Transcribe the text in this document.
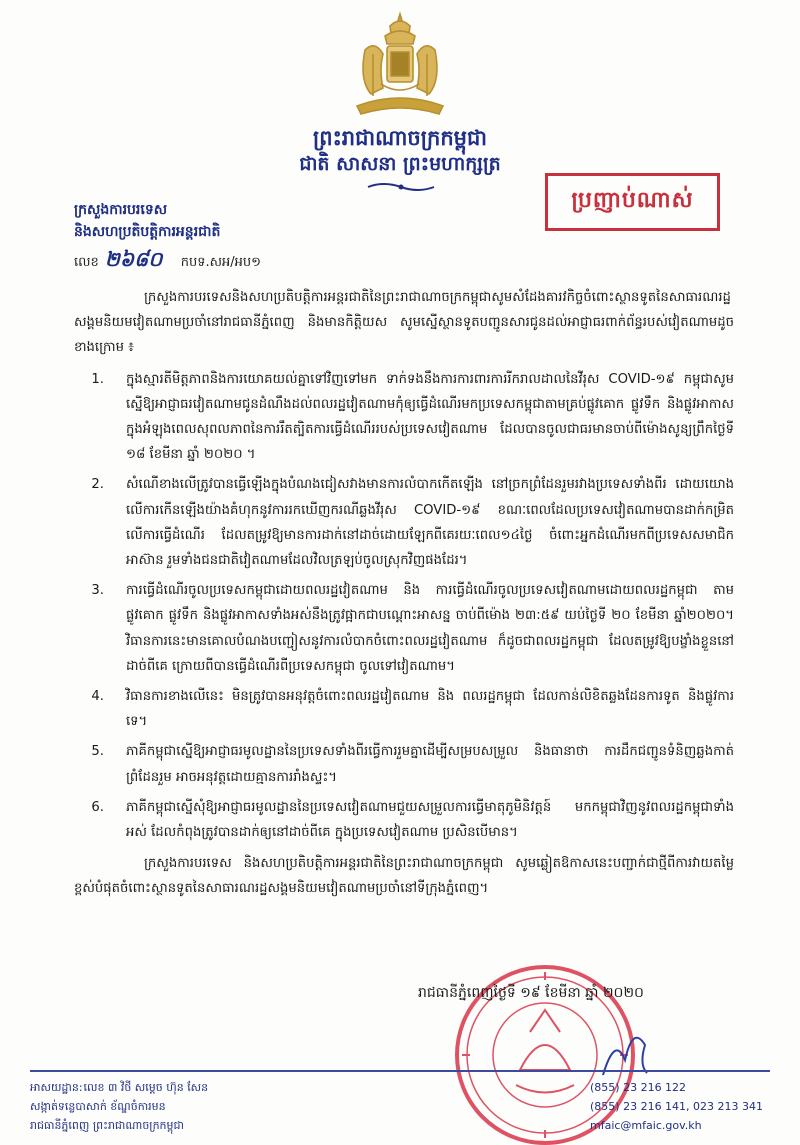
ព្រះរាជាណាចក្រកម្ពុជា
ជាតិ សាសនា ព្រះមហាក្សត្រ
ប្រញាប់ណាស់
ក្រសួងការបរទេស
និងសហប្រតិបត្តិការអន្តរជាតិ
លេខ ២៦៨០	កបទ.សអ/អប១

ក្រសួងការបរទេសនិងសហប្រតិបត្តិការអន្តរជាតិនៃព្រះរាជាណាចក្រកម្ពុជាសូមសំដែងគារវកិច្ចចំពោះស្ថានទូតនៃសាធារណរដ្ឋសង្គមនិយមវៀតណាមប្រចាំនៅរាជធានីភ្នំពេញ និងមានកិត្តិយស សូមស្នើស្ថានទូតបញ្ជូនសារជូនដល់អាជ្ញាធរពាក់ព័ន្ធរបស់វៀតណាមដូចខាងក្រោម ៖

1.	ក្នុងស្មារតីមិត្តភាពនិងការយោគយល់គ្នាទៅវិញទៅមក ទាក់ទងនឹងការការពារការរីករាលដាលនៃវីរុស COVID-១៩ កម្ពុជាសូមស្នើឱ្យអាជ្ញាធរវៀតណាមជូនដំណឹងដល់ពលរដ្ឋវៀតណាមកុំឲ្យធ្វើដំណើរមកប្រទេសកម្ពុជាតាមគ្រប់ផ្លូវគោក ផ្លូវទឹក និងផ្លូវអាកាស ក្នុងអំឡុងពេលសុពលភាពនៃការរឹតត្បិតការធ្វើដំណើររបស់ប្រទេសវៀតណាម ដែលបានចូលជាធរមានចាប់ពីម៉ោងសូន្យព្រឹកថ្ងៃទី ១៨ ខែមីនា ឆ្នាំ ២០២០ ។
2.	សំណើខាងលើត្រូវបានធ្វើឡើងក្នុងបំណងជៀសវាងមានការលំបាកកើតឡើង នៅច្រកព្រំដែនរួមរវាងប្រទេសទាំងពីរ ដោយយោងលើការកើនឡើងយ៉ាងគំហុកនូវការរកឃើញករណីឆ្លងវីរុស COVID-១៩ ខណៈពេលដែលប្រទេសវៀតណាមបានដាក់កម្រិតលើការធ្វើដំណើរ ដែលតម្រូវឱ្យមានការដាក់នៅដាច់ដោយឡែកពីគេរយៈពេល១៤ថ្ងៃ ចំពោះអ្នកដំណើរមកពីប្រទេសសមាជិកអាស៊ាន រួមទាំងជនជាតិវៀតណាមដែលវិលត្រឡប់ចូលស្រុកវិញផងដែរ។
3.	ការធ្វើដំណើរចូលប្រទេសកម្ពុជាដោយពលរដ្ឋវៀតណាម និង ការធ្វើដំណើរចូលប្រទេសវៀតណាមដោយពលរដ្ឋកម្ពុជា តាមផ្លូវគោក ផ្លូវទឹក និងផ្លូវអាកាសទាំងអស់នឹងត្រូវផ្អាកជាបណ្ដោះអាសន្ន ចាប់ពីម៉ោង ២៣:៥៩ យប់ថ្ងៃទី ២០ ខែមីនា ឆ្នាំ២០២០។ វិធានការនេះមានគោលបំណងបញ្ជៀសនូវការលំបាកចំពោះពលរដ្ឋវៀតណាម ក៏ដូចជាពលរដ្ឋកម្ពុជា ដែលតម្រូវឱ្យបង្ខាំងខ្លួននៅដាច់ពីគេ ក្រោយពីបានធ្វើដំណើរពីប្រទេសកម្ពុជា ចូលទៅវៀតណាម។
4.	វិធានការខាងលើនេះ មិនត្រូវបានអនុវត្តចំពោះពលរដ្ឋវៀតណាម និង ពលរដ្ឋកម្ពុជា ដែលកាន់លិខិតឆ្លងដែនការទូត និងផ្លូវការទេ។
5.	ភាគីកម្ពុជាស្នើឱ្យអាជ្ញាធរមូលដ្ឋាននៃប្រទេសទាំងពីរធ្វើការរួមគ្នាដើម្បីសម្របសម្រួល និងធានាថា ការដឹកជញ្ជូនទំនិញឆ្លងកាត់ព្រំដែនរួម អាចអនុវត្តដោយគ្មានការរាំងស្ទះ។
6.	ភាគីកម្ពុជាស្នើសុំឱ្យអាជ្ញាធរមូលដ្ឋាននៃប្រទេសវៀតណាមជួយសម្រួលការធ្វើមាតុភូមិនិវត្តន៍ មកកម្ពុជាវិញនូវពលរដ្ឋកម្ពុជាទាំងអស់ ដែលកំពុងត្រូវបានដាក់ឲ្យនៅដាច់ពីគេ ក្នុងប្រទេសវៀតណាម ប្រសិនបើមាន។

ក្រសួងការបរទេស និងសហប្រតិបត្តិការអន្តរជាតិនៃព្រះរាជាណាចក្រកម្ពុជា សូមឆ្លៀតឱកាសនេះបញ្ជាក់ជាថ្មីពីការវាយតម្លៃខ្ពស់បំផុតចំពោះស្ថានទូតនៃសាធារណរដ្ឋសង្គមនិយមវៀតណាមប្រចាំនៅទីក្រុងភ្នំពេញ។

រាជធានីភ្នំពេញថ្ងៃទី ១៩ ខែមីនា ឆ្នាំ ២០២០
អាសយដ្ឋាន: លេខ ៣ វិថី សម្តេច ហ៊ុន សែន
សង្កាត់ទន្លេបាសាក់ ខ័ណ្ឌចំការមន
រាជធានីភ្នំពេញ ព្រះរាជាណាចក្រកម្ពុជា
(855) 23 216 122
(855) 23 216 141, 023 213 341
mfaic@mfaic.gov.kh
